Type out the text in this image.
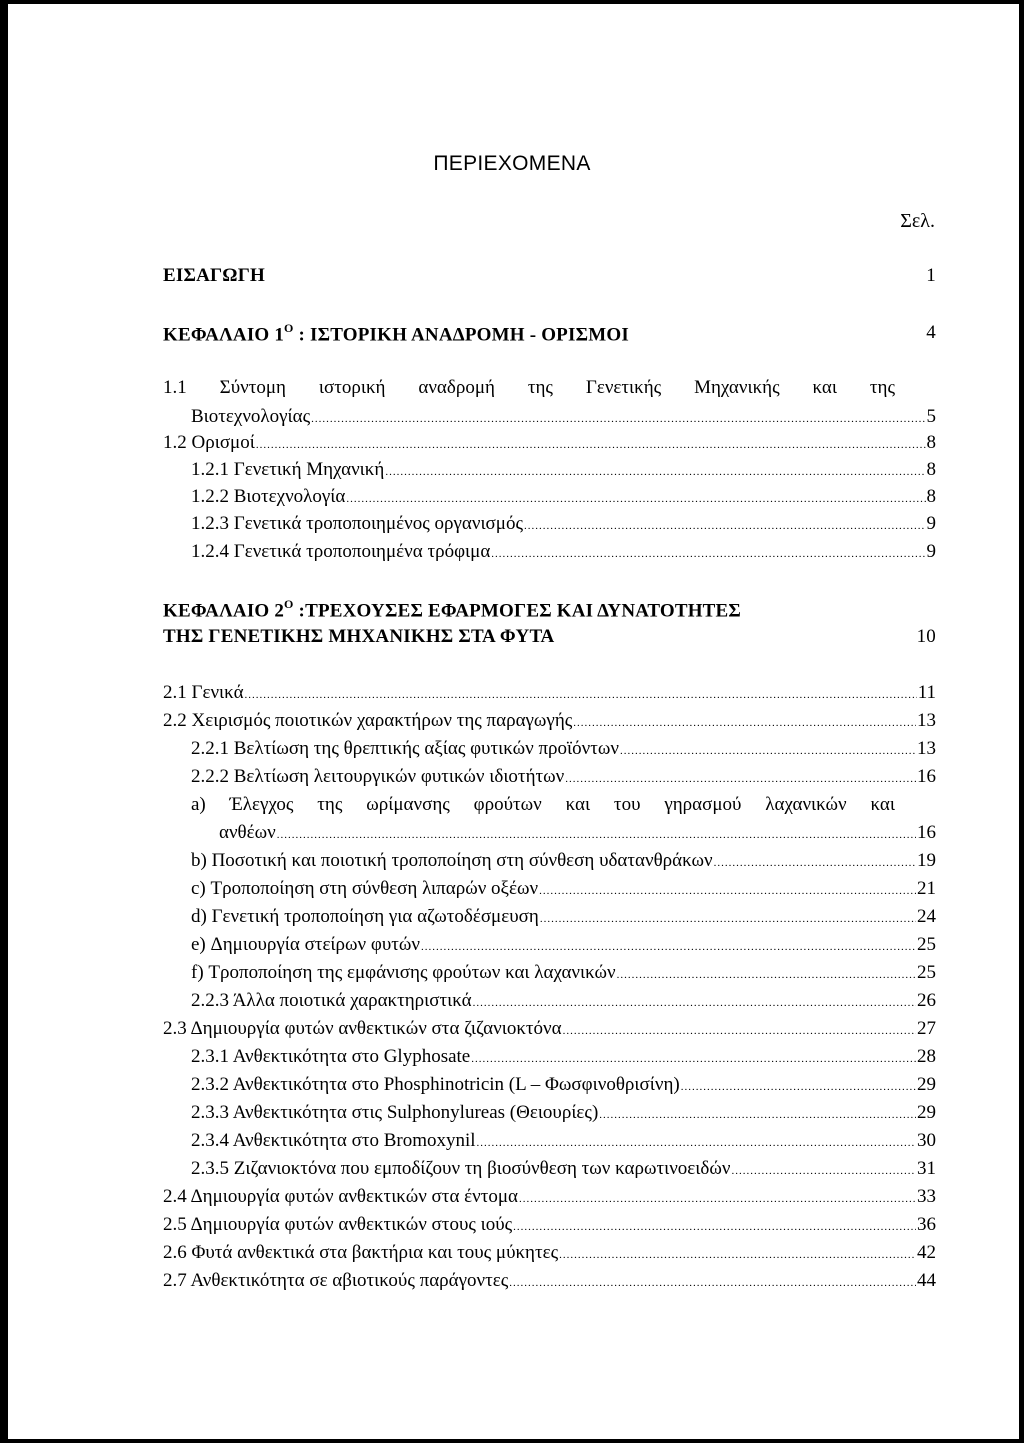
ΠΕΡΙΕΧΟΜΕΝΑ
Σελ.
ΕΙΣΑΓΩΓΗ	1
ΚΕΦΑΛΑΙΟ $1^O$ : ΙΣΤΟΡΙΚΗ ΑΝΑΔΡΟΜΗ - ΟΡΙΣΜΟΙ	4
1.1 Σύντομη ιστορική αναδρομή της Γενετικής Μηχανικής και της
Βιοτεχνολογίας .....	5
1.2 Ορισμοί .....	8
1.2.1 Γενετική Μηχανική .....	8
1.2.2 Βιοτεχνολογία .....	8
1.2.3 Γενετικά τροποποιημένος οργανισμός .....	9
1.2.4 Γενετικά τροποποιημένα τρόφιμα .....	9
ΚΕΦΑΛΑΙΟ $2^O$ :ΤΡΕΧΟΥΣΕΣ ΕΦΑΡΜΟΓΕΣ ΚΑΙ ΔΥΝΑΤΟΤΗΤΕΣ
ΤΗΣ ΓΕΝΕΤΙΚΗΣ ΜΗΧΑΝΙΚΗΣ ΣΤΑ ΦΥΤΑ	10
2.1 Γενικά .....	11
2.2 Χειρισμός ποιοτικών χαρακτήρων της παραγωγής .....	13
2.2.1 Βελτίωση της θρεπτικής αξίας φυτικών προϊόντων .....	13
2.2.2 Βελτίωση λειτουργικών φυτικών ιδιοτήτων .....	16
a) Έλεγχος της ωρίμανσης φρούτων και του γηρασμού λαχανικών και
ανθέων .....	16
b) Ποσοτική και ποιοτική τροποποίηση στη σύνθεση υδατανθράκων .....	19
c) Τροποποίηση στη σύνθεση λιπαρών οξέων .....	21
d) Γενετική τροποποίηση για αζωτοδέσμευση .....	24
e) Δημιουργία στείρων φυτών .....	25
f) Τροποποίηση της εμφάνισης φρούτων και λαχανικών .....	25
2.2.3 Άλλα ποιοτικά χαρακτηριστικά .....	26
2.3 Δημιουργία φυτών ανθεκτικών στα ζιζανιοκτόνα .....	27
2.3.1 Ανθεκτικότητα στο Glyphosate .....	28
2.3.2 Ανθεκτικότητα στο Phosphinotricin (L – Φωσφινοθρισίνη) .....	29
2.3.3 Ανθεκτικότητα στις Sulphonylureas (Θειουρίες) .....	29
2.3.4 Ανθεκτικότητα στο Bromoxynil .....	30
2.3.5 Ζιζανιοκτόνα που εμποδίζουν τη βιοσύνθεση των καρωτινοειδών .....	31
2.4 Δημιουργία φυτών ανθεκτικών στα έντομα .....	33
2.5 Δημιουργία φυτών ανθεκτικών στους ιούς .....	36
2.6 Φυτά ανθεκτικά στα βακτήρια και τους μύκητες .....	42
2.7 Ανθεκτικότητα σε αβιοτικούς παράγοντες .....	44
